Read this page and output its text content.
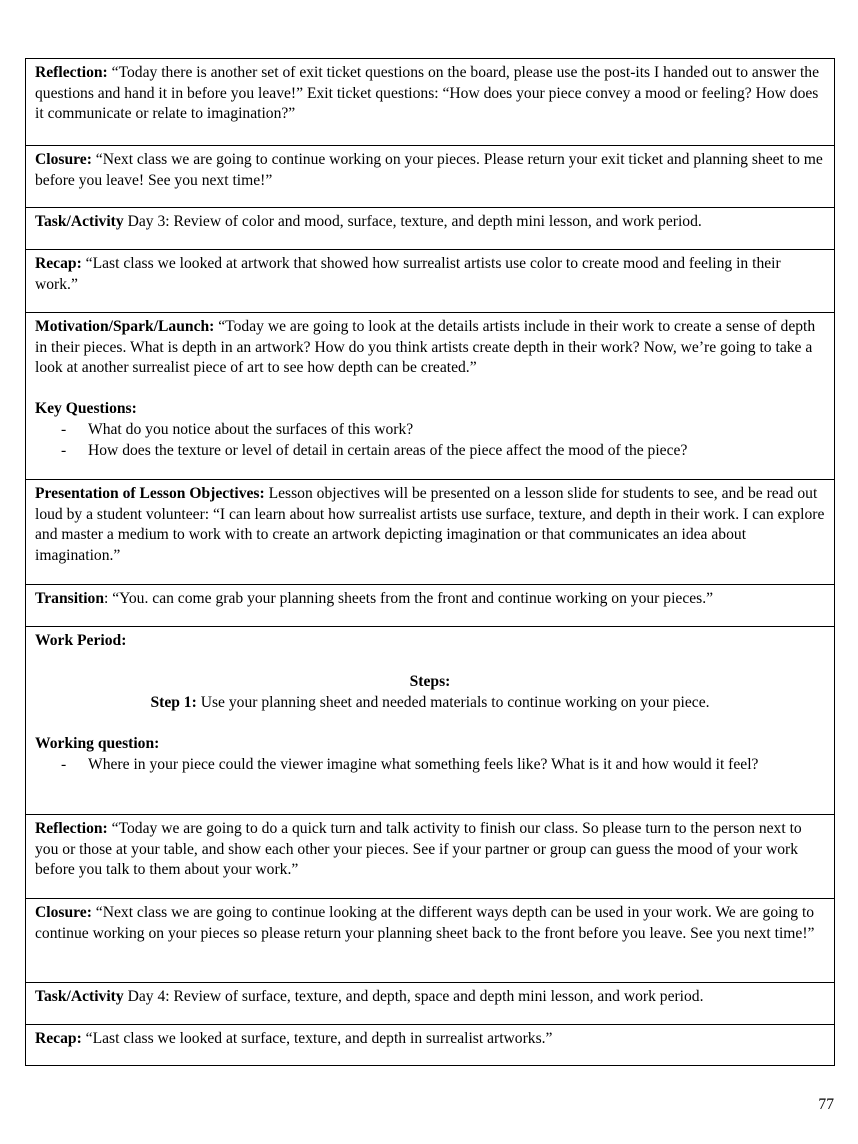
Reflection: “Today there is another set of exit ticket questions on the board, please use the post-its I handed out to answer the questions and hand it in before you leave!” Exit ticket questions: “How does your piece convey a mood or feeling? How does it communicate or relate to imagination?”
Closure: “Next class we are going to continue working on your pieces. Please return your exit ticket and planning sheet to me before you leave! See you next time!”
Task/Activity Day 3: Review of color and mood, surface, texture, and depth mini lesson, and work period.
Recap: “Last class we looked at artwork that showed how surrealist artists use color to create mood and feeling in their work.”
Motivation/Spark/Launch: “Today we are going to look at the details artists include in their work to create a sense of depth in their pieces. What is depth in an artwork? How do you think artists create depth in their work? Now, we’re going to take a look at another surrealist piece of art to see how depth can be created.”
Key Questions:
- What do you notice about the surfaces of this work?
- How does the texture or level of detail in certain areas of the piece affect the mood of the piece?
Presentation of Lesson Objectives: Lesson objectives will be presented on a lesson slide for students to see, and be read out loud by a student volunteer: “I can learn about how surrealist artists use surface, texture, and depth in their work. I can explore and master a medium to work with to create an artwork depicting imagination or that communicates an idea about imagination.”
Transition: “You. can come grab your planning sheets from the front and continue working on your pieces.”
Work Period:
Steps:
Step 1: Use your planning sheet and needed materials to continue working on your piece.
Working question:
- Where in your piece could the viewer imagine what something feels like? What is it and how would it feel?
Reflection: “Today we are going to do a quick turn and talk activity to finish our class. So please turn to the person next to you or those at your table, and show each other your pieces. See if your partner or group can guess the mood of your work before you talk to them about your work.”
Closure: “Next class we are going to continue looking at the different ways depth can be used in your work. We are going to continue working on your pieces so please return your planning sheet back to the front before you leave. See you next time!”
Task/Activity Day 4: Review of surface, texture, and depth, space and depth mini lesson, and work period.
Recap: “Last class we looked at surface, texture, and depth in surrealist artworks.”
77
